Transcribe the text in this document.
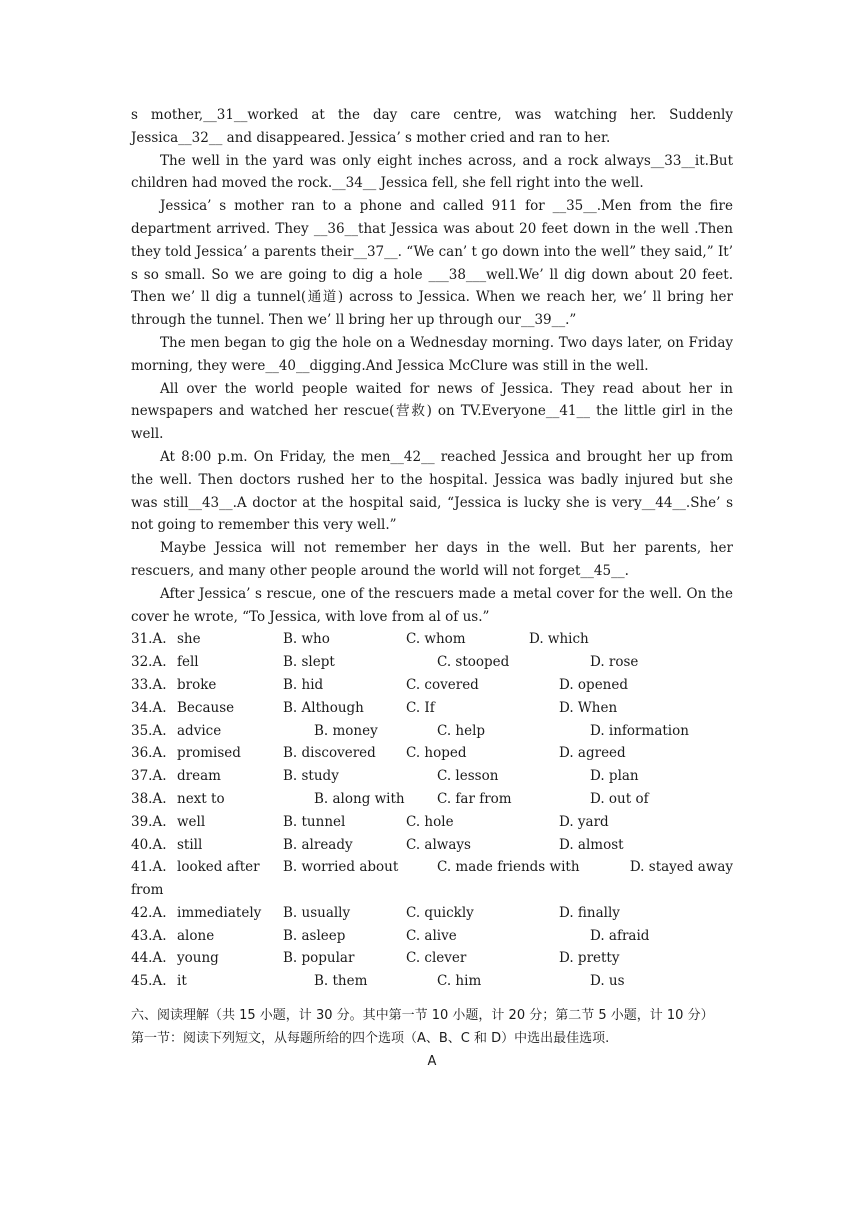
s mother,__31__worked at the day care centre, was watching her. Suddenly Jessica__32__ and disappeared. Jessica’ s mother cried and ran to her.

The well in the yard was only eight inches across, and a rock always__33__it.But children had moved the rock.__34__ Jessica fell, she fell right into the well.

Jessica’ s mother ran to a phone and called 911 for __35__.Men from the fire department arrived. They __36__that Jessica was about 20 feet down in the well .Then they told Jessica’ a parents their__37__. “We can’ t go down into the well” they said,” It’ s so small. So we are going to dig a hole ___38___well.We’ ll dig down about 20 feet. Then we’ ll dig a tunnel(通道) across to Jessica. When we reach her, we’ ll bring her through the tunnel. Then we’ ll bring her up through our__39__.”

The men began to gig the hole on a Wednesday morning. Two days later, on Friday morning, they were__40__digging.And Jessica McClure was still in the well.

All over the world people waited for news of Jessica. They read about her in newspapers and watched her rescue(营救) on TV.Everyone__41__ the little girl in the well.

At 8:00 p.m. On Friday, the men__42__ reached Jessica and brought her up from the well. Then doctors rushed her to the hospital. Jessica was badly injured but she was still__43__.A doctor at the hospital said, “Jessica is lucky she is very__44__.She’ s not going to remember this very well.”

Maybe Jessica will not remember her days in the well. But her parents, her rescuers, and many other people around the world will not forget__45__.

After Jessica’ s rescue, one of the rescuers made a metal cover for the well. On the cover he wrote, “To Jessica, with love from al of us.”

31.A. she	B. who	C. whom	D. which
32.A. fell	B. slept	C. stooped	D. rose
33.A. broke	B. hid	C. covered	D. opened
34.A. Because	B. Although	C. If	D. When
35.A. advice	B. money	C. help	D. information
36.A. promised	B. discovered C. hoped	D. agreed
37.A. dream	B. study	C. lesson	D. plan
38.A. next to	B. along with C. far from	D. out of
39.A. well	B. tunnel	C. hole	D. yard
40.A. still	B. already	C. always	D. almost
41.A. looked after B. worried about	C. made friends with	D. stayed away
from
42.A. immediately B. usually	C. quickly	D. finally
43.A. alone	B. asleep	C. alive	D. afraid
44.A. young	B. popular	C. clever	D. pretty
45.A. it	B. them	C. him	D. us

六、阅读理解（共 15 小题，计 30 分。其中第一节 10 小题，计 20 分；第二节 5 小题，计 10 分）

第一节：阅读下列短文，从每题所给的四个选项（A、B、C 和 D）中选出最佳选项.

A
